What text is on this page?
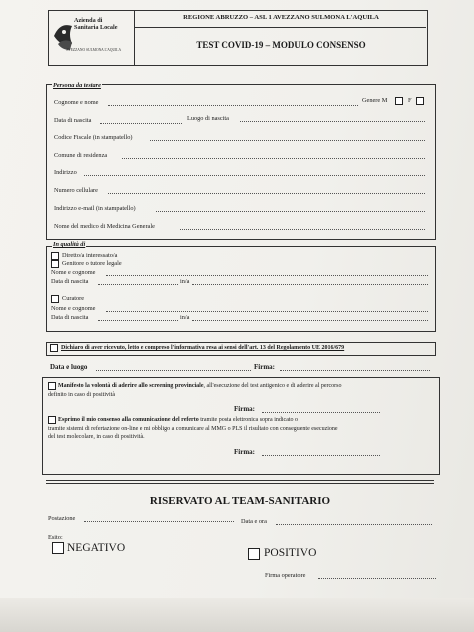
Azienda di Sanitaria Locale
AVEZZANO SULMONA L'AQUILA
REGIONE ABRUZZO – ASL 1 AVEZZANO SULMONA L'AQUILA
TEST COVID-19 – MODULO CONSENSO
Persona da testare
Cognome e nome	Genere M	F
Data di nascita	Luogo di nascita
Codice Fiscale (in stampatello)
Comune di residenza
Indirizzo
Numero cellulare
Indirizzo e-mail (in stampatello)
Nome del medico di Medicina Generale
In qualità di
Diretto/a interessato/a
Genitore o tutore legale
Nome e cognome
Data di nascita	in/a
Curatore
Nome e cognome
Data di nascita	in/a
Dichiaro di aver ricevuto, letto e compreso l'informativa resa ai sensi dell'art. 13 del Regolamento UE 2016/679
Data e luogo	Firma:
Manifesto la volontà di aderire allo screening provinciale, all'esecuzione del test antigenico e di aderire al percorso
definito in caso di positività
Firma:
Esprimo il mio consenso alla comunicazione del referto tramite posta elettronica sopra indicato o
tramite sistemi di refertazione on-line e mi obbligo a comunicare al MMG o PLS il risultato con conseguente esecuzione
del test molecolare, in caso di positività.
Firma:
RISERVATO AL TEAM-SANITARIO
Postazione	Data e ora
Esito:
NEGATIVO	POSITIVO
Firma operatore
